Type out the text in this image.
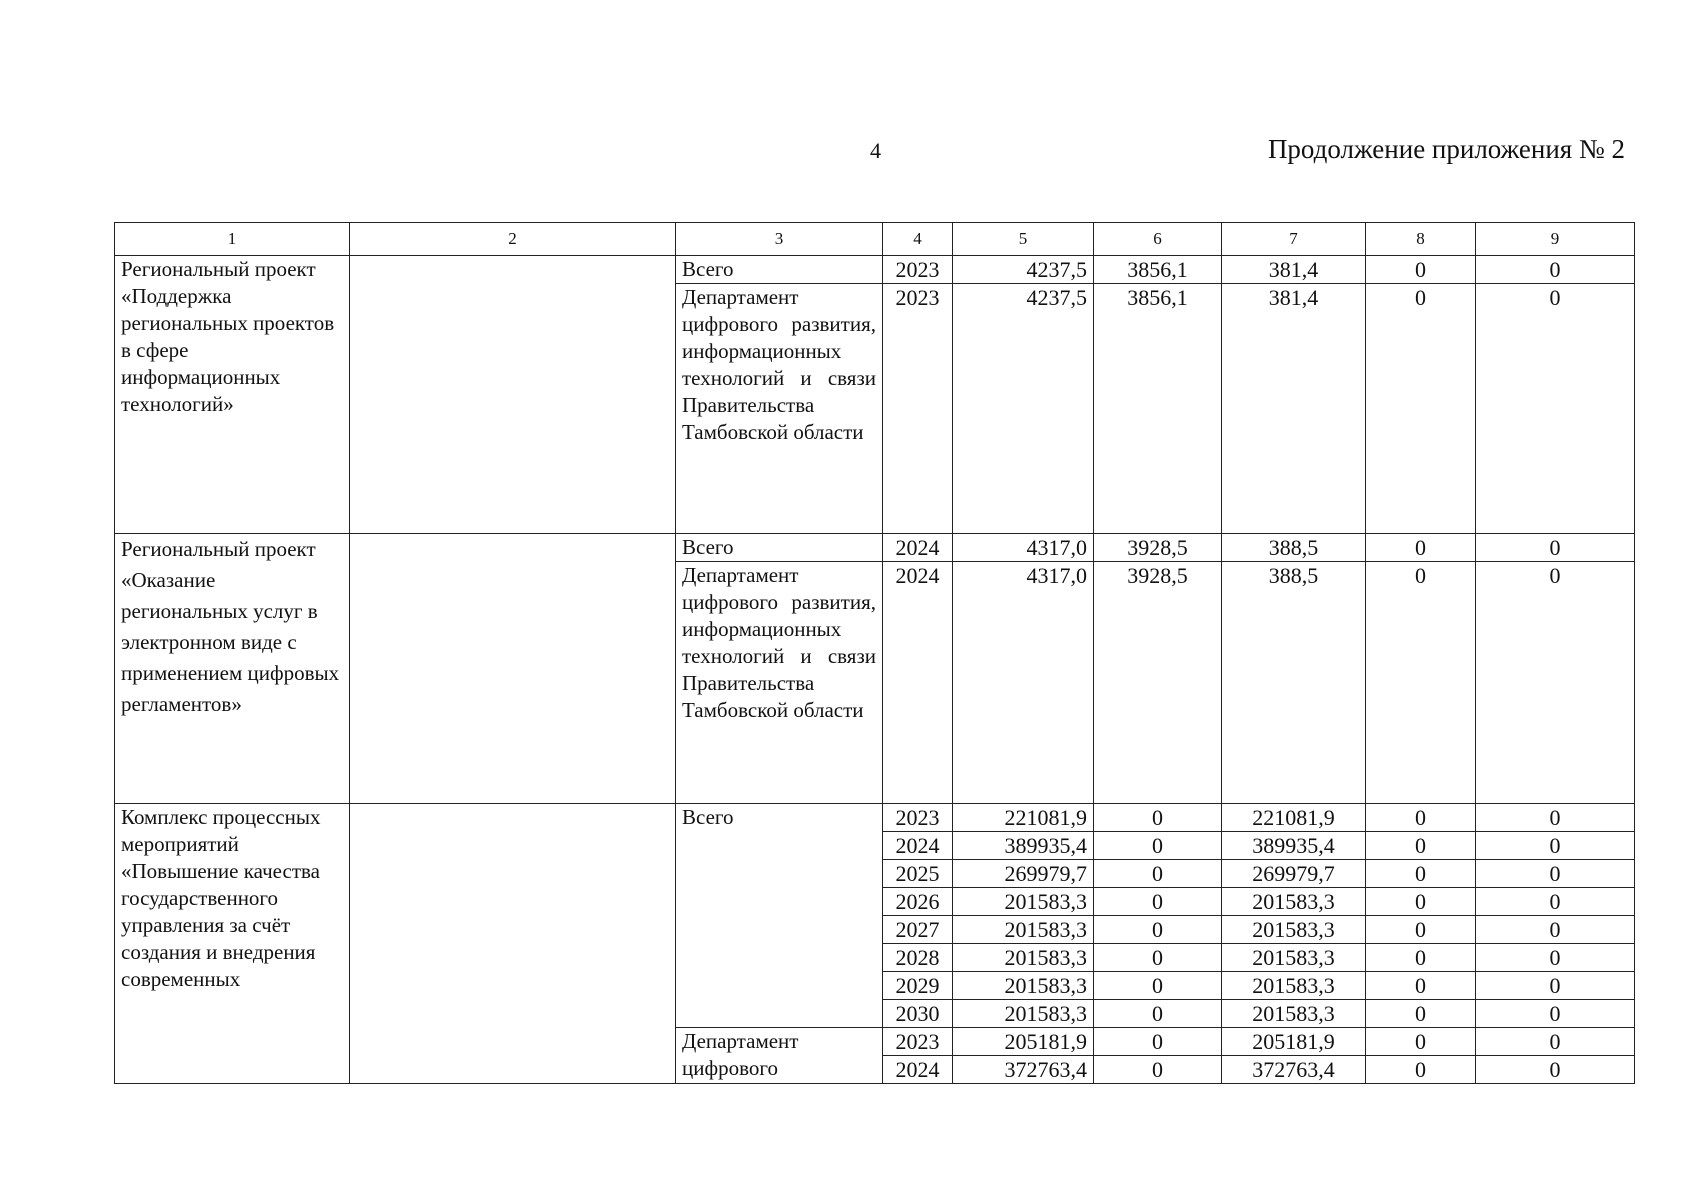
4	Продолжение приложения № 2
1	2	3	4	5	6	7	8	9
Региональный проект «Поддержка региональных проектов в сфере информационных технологий»		Всего	2023	4237,5	3856,1	381,4	0	0
		Департамент цифрового развития, информационных технологий и связи Правительства Тамбовской области	2023	4237,5	3856,1	381,4	0	0
Региональный проект «Оказание региональных услуг в электронном виде с применением цифровых регламентов»		Всего	2024	4317,0	3928,5	388,5	0	0
		Департамент цифрового развития, информационных технологий и связи Правительства Тамбовской области	2024	4317,0	3928,5	388,5	0	0
Комплекс процессных мероприятий «Повышение качества государственного управления за счёт создания и внедрения современных		Всего	2023	221081,9	0	221081,9	0	0
			2024	389935,4	0	389935,4	0	0
			2025	269979,7	0	269979,7	0	0
			2026	201583,3	0	201583,3	0	0
			2027	201583,3	0	201583,3	0	0
			2028	201583,3	0	201583,3	0	0
			2029	201583,3	0	201583,3	0	0
			2030	201583,3	0	201583,3	0	0
		Департамент цифрового	2023	205181,9	0	205181,9	0	0
			2024	372763,4	0	372763,4	0	0
